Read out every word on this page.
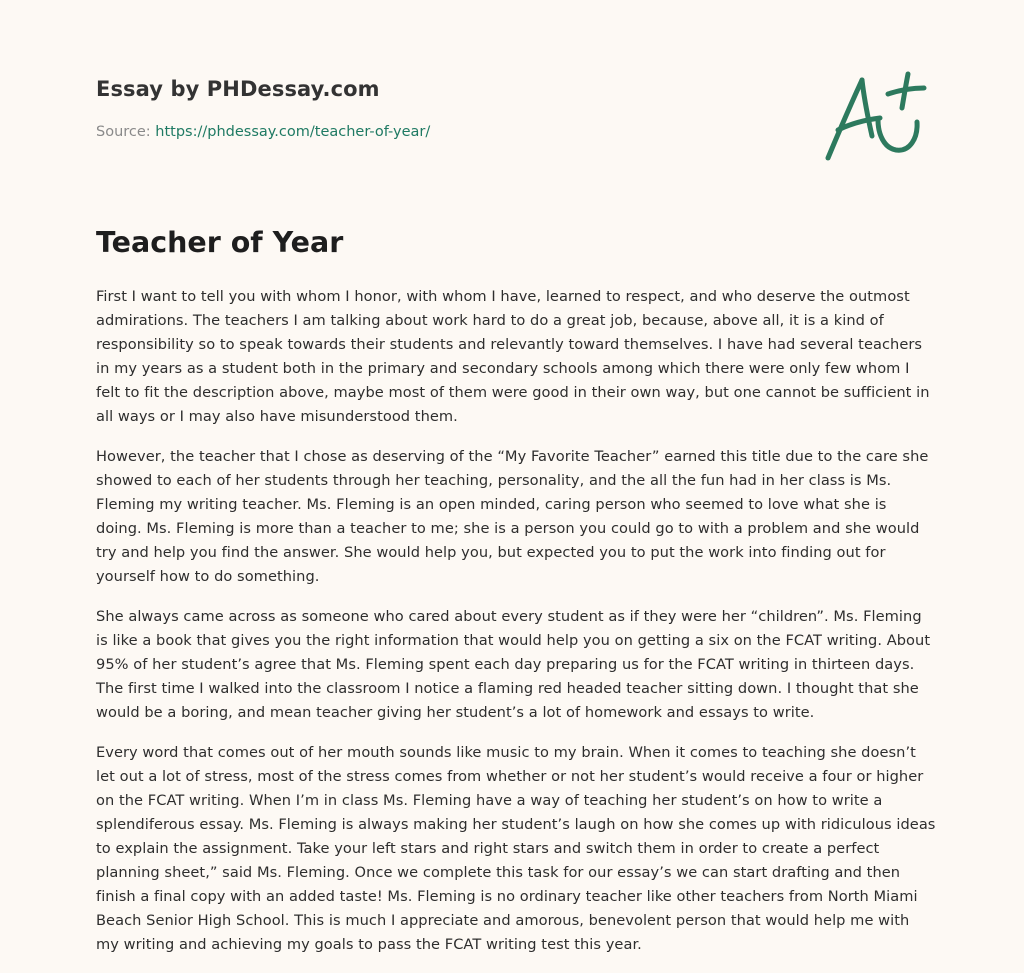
Essay by PHDessay.com
Source: https://phdessay.com/teacher-of-year/
Teacher of Year

First I want to tell you with whom I honor, with whom I have, learned to respect, and who deserve the outmost admirations. The teachers I am talking about work hard to do a great job, because, above all, it is a kind of responsibility so to speak towards their students and relevantly toward themselves. I have had several teachers in my years as a student both in the primary and secondary schools among which there were only few whom I felt to fit the description above, maybe most of them were good in their own way, but one cannot be sufficient in all ways or I may also have misunderstood them.

However, the teacher that I chose as deserving of the “My Favorite Teacher” earned this title due to the care she showed to each of her students through her teaching, personality, and the all the fun had in her class is Ms. Fleming my writing teacher. Ms. Fleming is an open minded, caring person who seemed to love what she is doing. Ms. Fleming is more than a teacher to me; she is a person you could go to with a problem and she would try and help you find the answer. She would help you, but expected you to put the work into finding out for yourself how to do something.

She always came across as someone who cared about every student as if they were her “children”. Ms. Fleming is like a book that gives you the right information that would help you on getting a six on the FCAT writing. About 95% of her student’s agree that Ms. Fleming spent each day preparing us for the FCAT writing in thirteen days. The first time I walked into the classroom I notice a flaming red headed teacher sitting down. I thought that she would be a boring, and mean teacher giving her student’s a lot of homework and essays to write.

Every word that comes out of her mouth sounds like music to my brain. When it comes to teaching she doesn’t let out a lot of stress, most of the stress comes from whether or not her student’s would receive a four or higher on the FCAT writing. When I’m in class Ms. Fleming have a way of teaching her student’s on how to write a splendiferous essay. Ms. Fleming is always making her student’s laugh on how she comes up with ridiculous ideas to explain the assignment. Take your left stars and right stars and switch them in order to create a perfect planning sheet,” said Ms. Fleming. Once we complete this task for our essay’s we can start drafting and then finish a final copy with an added taste! Ms. Fleming is no ordinary teacher like other teachers from North Miami Beach Senior High School. This is much I appreciate and amorous, benevolent person that would help me with my writing and achieving my goals to pass the FCAT writing test this year.
